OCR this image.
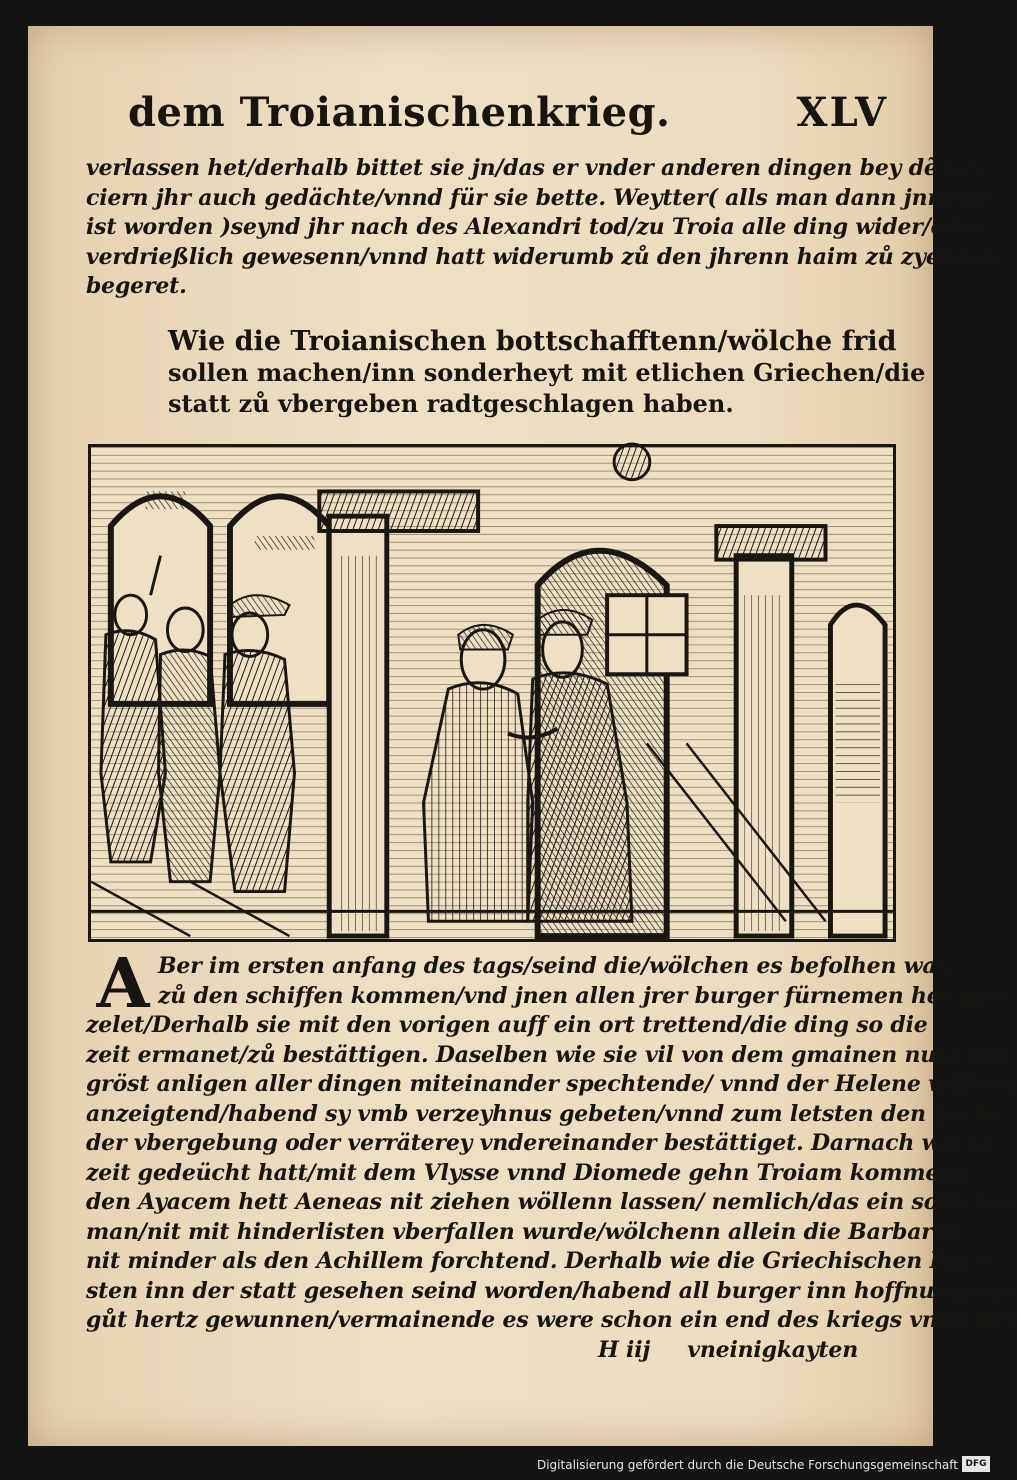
dem Troianischenkrieg.	XLV
verlassen het/derhalb bittet sie jn/das er vnder anderen dingen bey dẽ Gre
ciern jhr auch gedächte/vnnd für sie bette. Weytter( alls man dann jnnenn
ist worden )seynd jhr nach des Alexandri tod/zu Troia alle ding wider/oder
verdrießlich gewesenn/vnnd hatt widerumb zů den jhrenn haim zů zyehenn
begeret.
Wie die Troianischen bottschafftenn/wölche frid
sollen machen/inn sonderheyt mit etlichen Griechen/die
statt zů vbergeben radtgeschlagen haben.
A Ber im ersten anfang des tags/seind die/wölchen es befolhen was/
zů den schiffen kommen/vnd jnen allen jrer burger fürnemen her ge=
zelet/Derhalb sie mit den vorigen auff ein ort trettend/die ding so die
zeit ermanet/zů bestättigen. Daselben wie sie vil von dem gmainen nutz/vnd
gröst anligen aller dingen miteinander spechtende/ vnnd der Helene willenn
anzeigtend/habend sy vmb verzeyhnus gebeten/vnnd zum letsten den pacte
der vbergebung oder verräterey vndereinander bestättiget. Darnach wie sy
zeit gedeücht hatt/mit dem Vlysse vnnd Diomede gehn Troiam kommenn/
den Ayacem hett Aeneas nit ziehen wöllenn lassen/ nemlich/das ein sollicher
man/nit mit hinderlisten vberfallen wurde/wölchenn allein die Barbarier/
nit minder als den Achillem forchtend. Derhalb wie die Griechischen Für=
sten inn der statt gesehen seind worden/habend all burger inn hoffnung eyn
gůt hertz gewunnen/vermainende es were schon ein end des kriegs vnnd der
H iij vneinigkayten
Digitalisierung gefördert durch die Deutsche Forschungsgemeinschaft DFG
